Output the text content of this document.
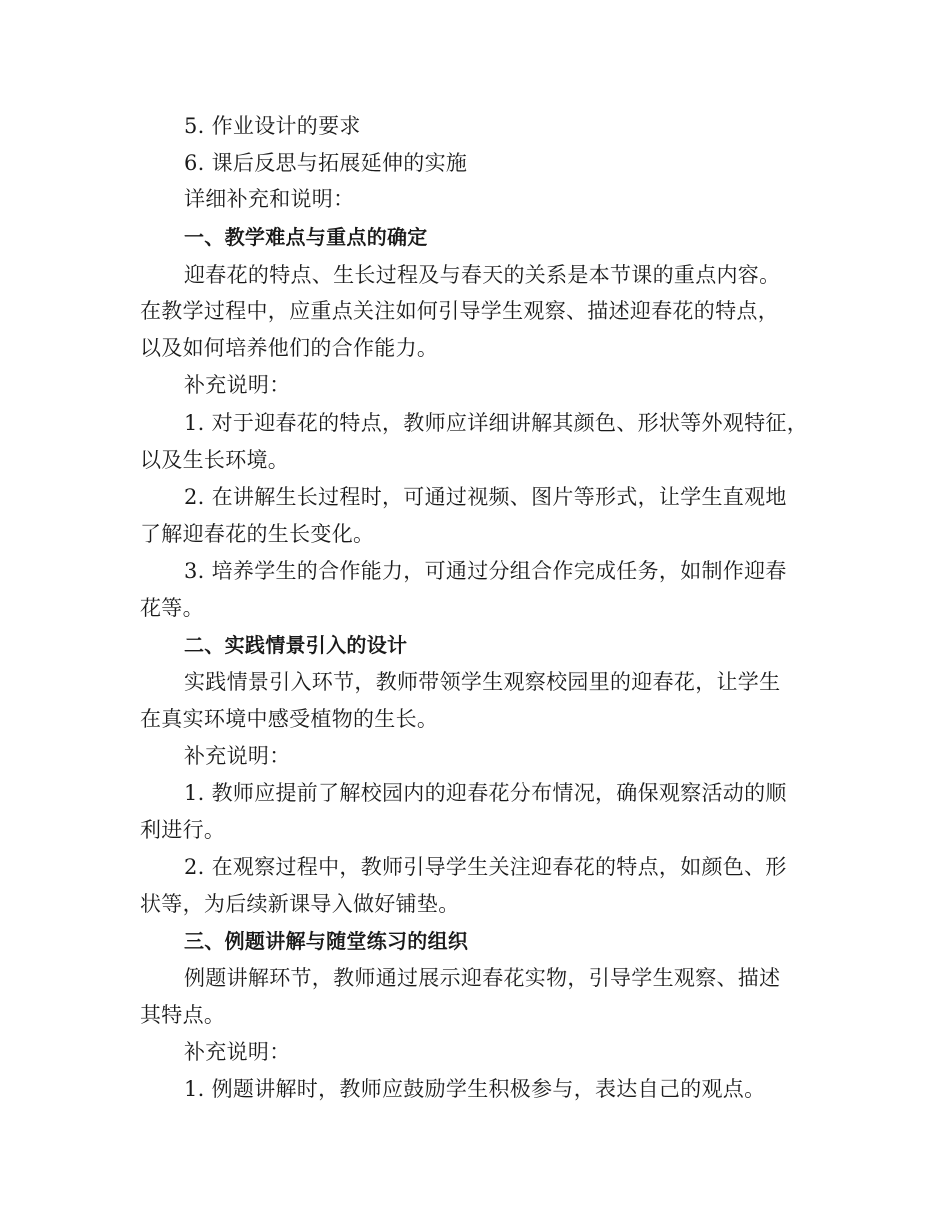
5. 作业设计的要求
6. 课后反思与拓展延伸的实施
详细补充和说明：
一、教学难点与重点的确定
迎春花的特点、生长过程及与春天的关系是本节课的重点内容。
在教学过程中，应重点关注如何引导学生观察、描述迎春花的特点，
以及如何培养他们的合作能力。
补充说明：
1. 对于迎春花的特点，教师应详细讲解其颜色、形状等外观特征，
以及生长环境。
2. 在讲解生长过程时，可通过视频、图片等形式，让学生直观地
了解迎春花的生长变化。
3. 培养学生的合作能力，可通过分组合作完成任务，如制作迎春
花等。
二、实践情景引入的设计
实践情景引入环节，教师带领学生观察校园里的迎春花，让学生
在真实环境中感受植物的生长。
补充说明：
1. 教师应提前了解校园内的迎春花分布情况，确保观察活动的顺
利进行。
2. 在观察过程中，教师引导学生关注迎春花的特点，如颜色、形
状等，为后续新课导入做好铺垫。
三、例题讲解与随堂练习的组织
例题讲解环节，教师通过展示迎春花实物，引导学生观察、描述
其特点。
补充说明：
1. 例题讲解时，教师应鼓励学生积极参与，表达自己的观点。
